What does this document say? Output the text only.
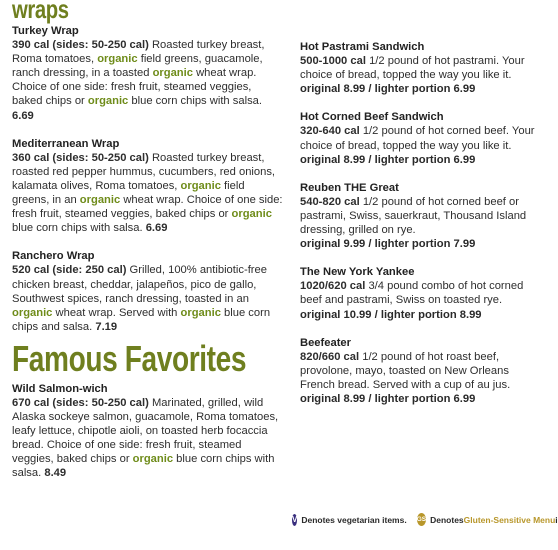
wraps
Turkey Wrap
390 cal (sides: 50-250 cal) Roasted turkey breast, Roma tomatoes, organic field greens, guacamole, ranch dressing, in a toasted organic wheat wrap. Choice of one side: fresh fruit, steamed veggies, baked chips or organic blue corn chips with salsa. 6.69
Mediterranean Wrap
360 cal (sides: 50-250 cal) Roasted turkey breast, roasted red pepper hummus, cucumbers, red onions, kalamata olives, Roma tomatoes, organic field greens, in an organic wheat wrap. Choice of one side: fresh fruit, steamed veggies, baked chips or organic blue corn chips with salsa. 6.69
Ranchero Wrap
520 cal (side: 250 cal) Grilled, 100% antibiotic-free chicken breast, cheddar, jalapeños, pico de gallo, Southwest spices, ranch dressing, toasted in an organic wheat wrap. Served with organic blue corn chips and salsa. 7.19
Famous Favorites
Wild Salmon-wich
670 cal (sides: 50-250 cal) Marinated, grilled, wild Alaska sockeye salmon, guacamole, Roma tomatoes, leafy lettuce, chipotle aioli, on toasted herb focaccia bread. Choice of one side: fresh fruit, steamed veggies, baked chips or organic blue corn chips with salsa. 8.49
Hot Pastrami Sandwich
500-1000 cal 1/2 pound of hot pastrami. Your choice of bread, topped the way you like it.
original 8.99 / lighter portion 6.99
Hot Corned Beef Sandwich
320-640 cal 1/2 pound of hot corned beef. Your choice of bread, topped the way you like it.
original 8.99 / lighter portion 6.99
Reuben THE Great
540-820 cal 1/2 pound of hot corned beef or pastrami, Swiss, sauerkraut, Thousand Island dressing, grilled on rye.
original 9.99 / lighter portion 7.99
The New York Yankee
1020/620 cal 3/4 pound combo of hot corned beef and pastrami, Swiss on toasted rye.
original 10.99 / lighter portion 8.99
Beefeater
820/660 cal 1/2 pound of hot roast beef, provolone, mayo, toasted on New Orleans French bread. Served with a cup of au jus.
original 8.99 / lighter portion 6.99
V Denotes vegetarian items. GS Denotes Gluten-Sensitive Menu i
